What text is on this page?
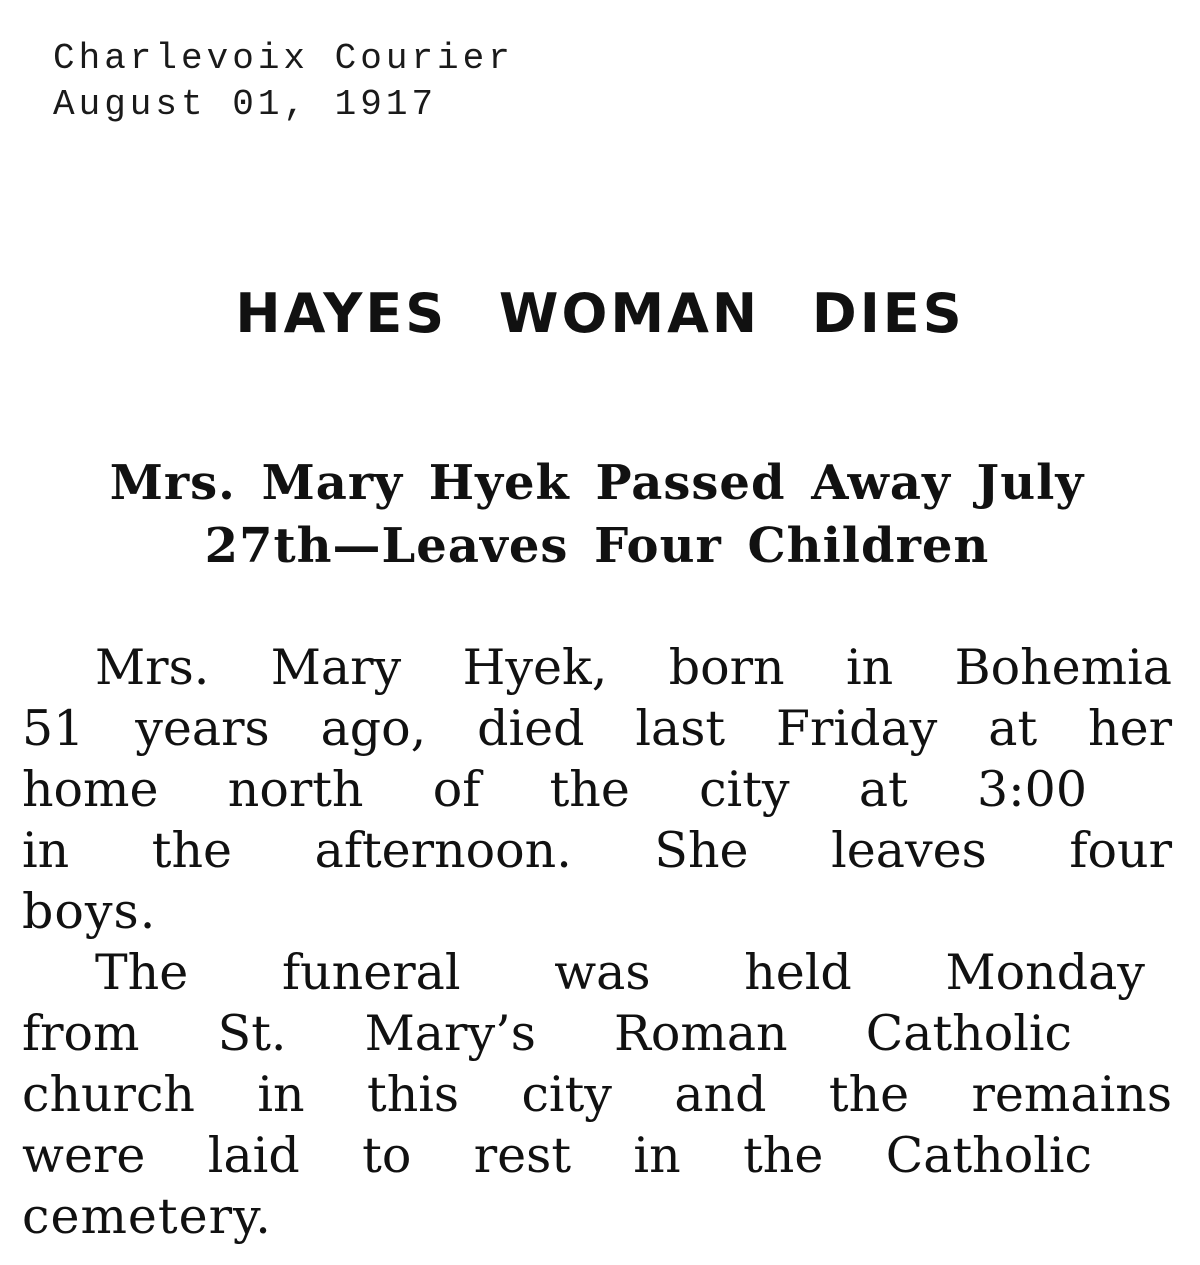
Charlevoix Courier
August 01, 1917
HAYES WOMAN DIES
Mrs. Mary Hyek Passed Away July
27th—Leaves Four Children
Mrs. Mary Hyek, born in Bohemia
51 years ago, died last Friday at her
home north of the city at 3:00
in the afternoon. She leaves four
boys.
The funeral was held Monday
from St. Mary’s Roman Catholic
church in this city and the remains
were laid to rest in the Catholic
cemetery.
